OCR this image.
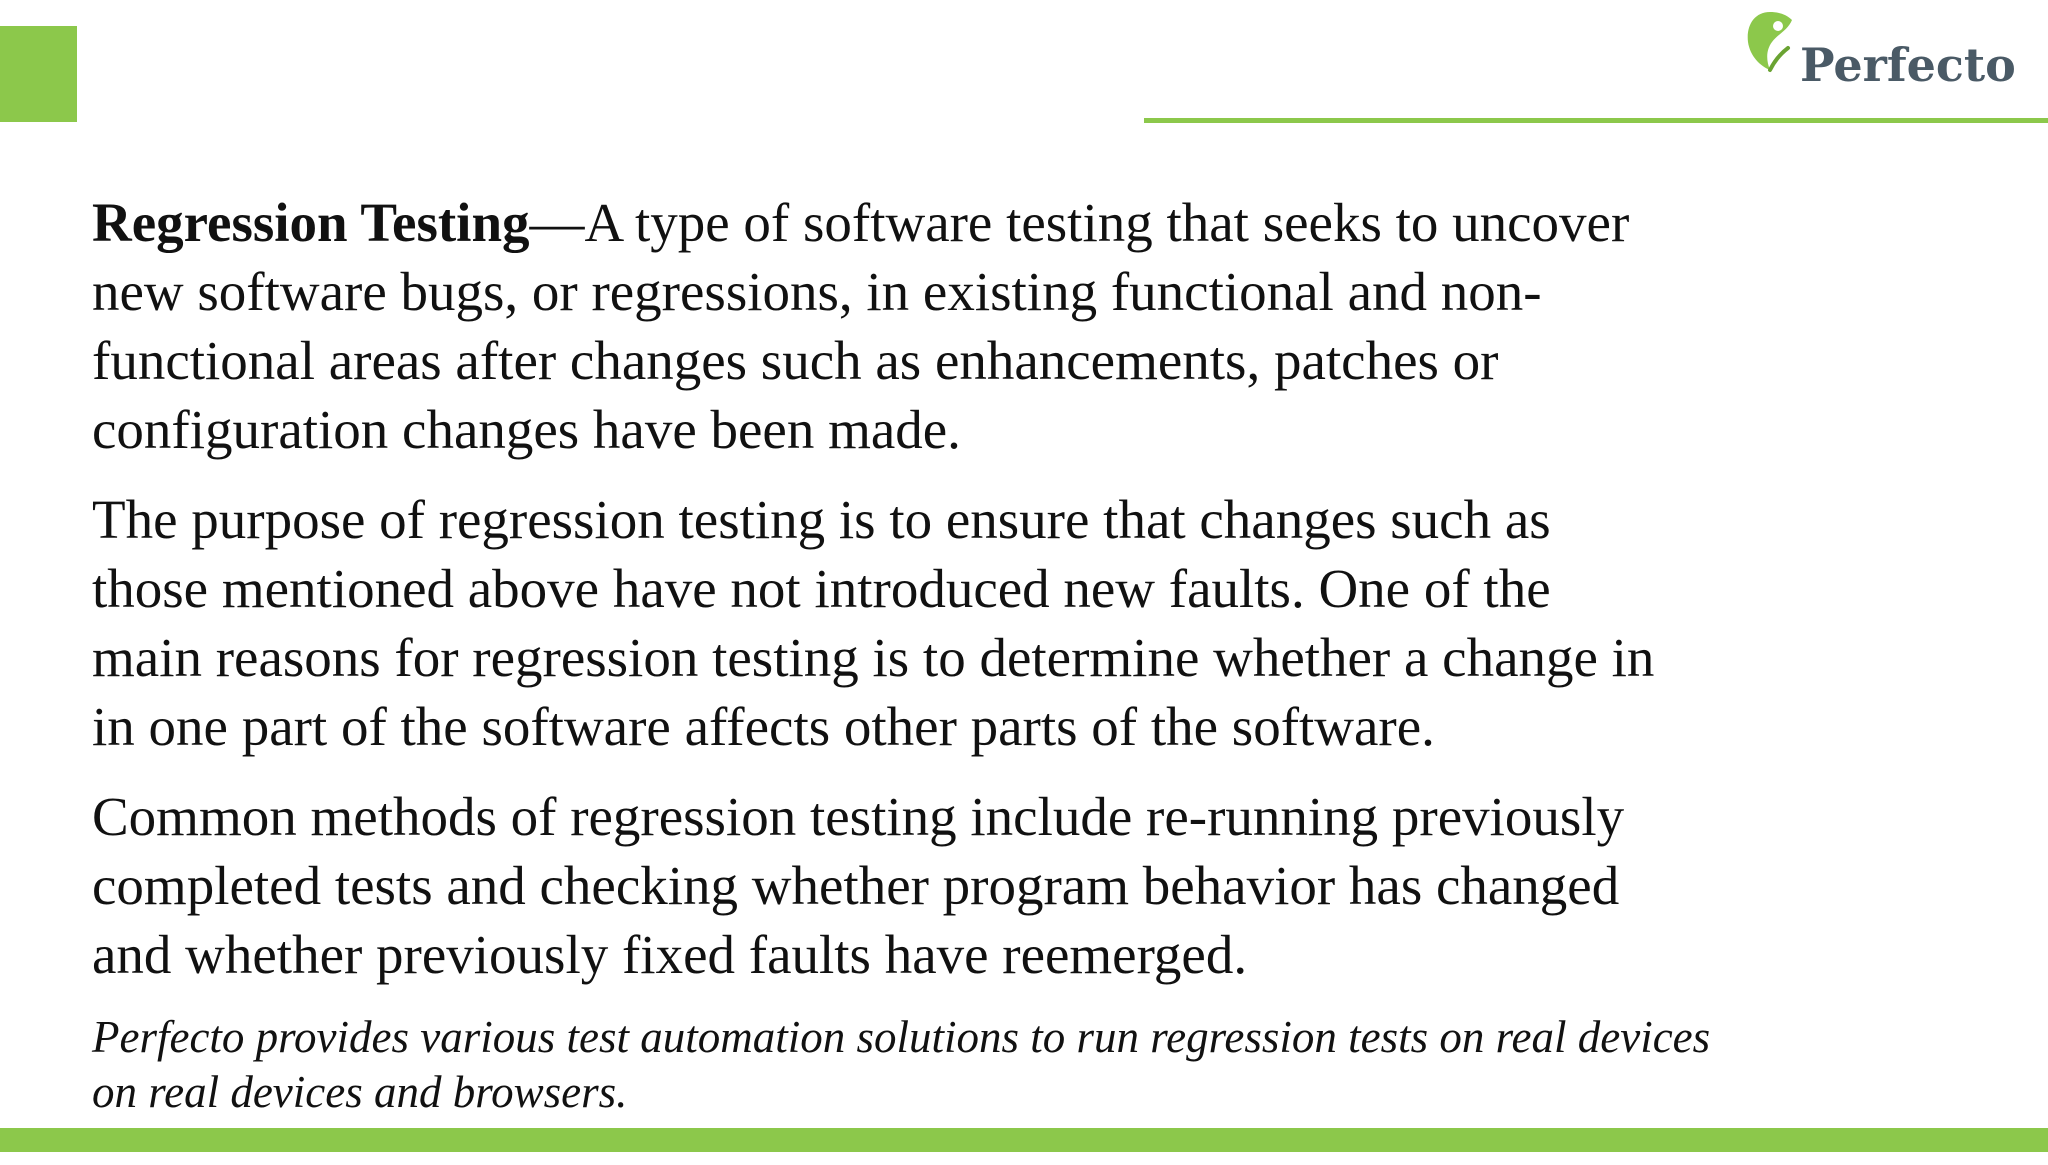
Perfecto

Regression Testing—A type of software testing that seeks to uncover
new software bugs, or regressions, in existing functional and non-
functional areas after changes such as enhancements, patches or
configuration changes have been made.

The purpose of regression testing is to ensure that changes such as
those mentioned above have not introduced new faults. One of the
main reasons for regression testing is to determine whether a change in
in one part of the software affects other parts of the software.

Common methods of regression testing include re-running previously
completed tests and checking whether program behavior has changed
and whether previously fixed faults have reemerged.

Perfecto provides various test automation solutions to run regression tests on real devices
on real devices and browsers.
